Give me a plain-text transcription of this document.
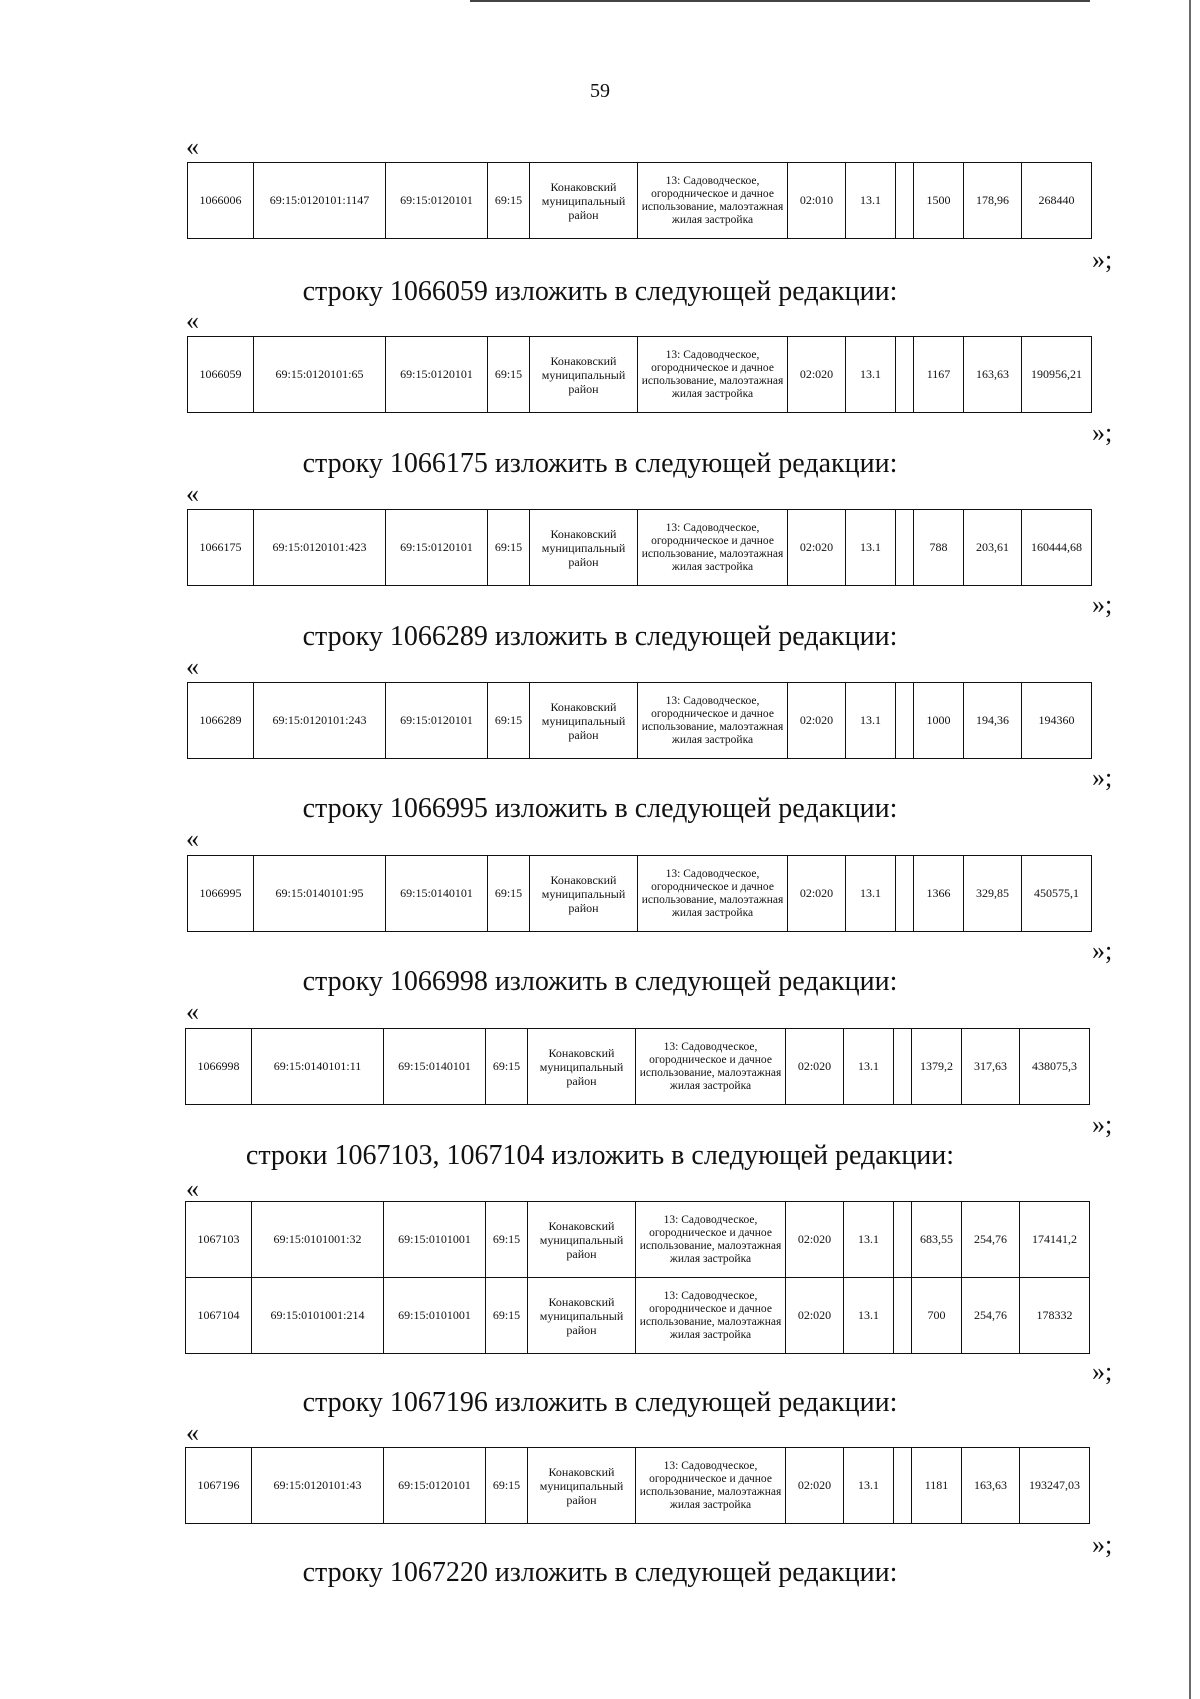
59
«
1066006	69:15:0120101:1147	69:15:0120101	69:15	Конаковский муниципальный район	13: Садоводческое, огородническое и дачное использование, малоэтажная жилая застройка	02:010	13.1		1500	178,96	268440
»;
строку 1066059 изложить в следующей редакции:
«
1066059	69:15:0120101:65	69:15:0120101	69:15	Конаковский муниципальный район	13: Садоводческое, огородническое и дачное использование, малоэтажная жилая застройка	02:020	13.1		1167	163,63	190956,21
»;
строку 1066175 изложить в следующей редакции:
«
1066175	69:15:0120101:423	69:15:0120101	69:15	Конаковский муниципальный район	13: Садоводческое, огородническое и дачное использование, малоэтажная жилая застройка	02:020	13.1		788	203,61	160444,68
»;
строку 1066289 изложить в следующей редакции:
«
1066289	69:15:0120101:243	69:15:0120101	69:15	Конаковский муниципальный район	13: Садоводческое, огородническое и дачное использование, малоэтажная жилая застройка	02:020	13.1		1000	194,36	194360
»;
строку 1066995 изложить в следующей редакции:
«
1066995	69:15:0140101:95	69:15:0140101	69:15	Конаковский муниципальный район	13: Садоводческое, огородническое и дачное использование, малоэтажная жилая застройка	02:020	13.1		1366	329,85	450575,1
»;
строку 1066998 изложить в следующей редакции:
«
1066998	69:15:0140101:11	69:15:0140101	69:15	Конаковский муниципальный район	13: Садоводческое, огородническое и дачное использование, малоэтажная жилая застройка	02:020	13.1		1379,2	317,63	438075,3
»;
строки 1067103, 1067104 изложить в следующей редакции:
«
1067103	69:15:0101001:32	69:15:0101001	69:15	Конаковский муниципальный район	13: Садоводческое, огородническое и дачное использование, малоэтажная жилая застройка	02:020	13.1		683,55	254,76	174141,2
1067104	69:15:0101001:214	69:15:0101001	69:15	Конаковский муниципальный район	13: Садоводческое, огородническое и дачное использование, малоэтажная жилая застройка	02:020	13.1		700	254,76	178332
»;
строку 1067196 изложить в следующей редакции:
«
1067196	69:15:0120101:43	69:15:0120101	69:15	Конаковский муниципальный район	13: Садоводческое, огородническое и дачное использование, малоэтажная жилая застройка	02:020	13.1		1181	163,63	193247,03
»;
строку 1067220 изложить в следующей редакции:
